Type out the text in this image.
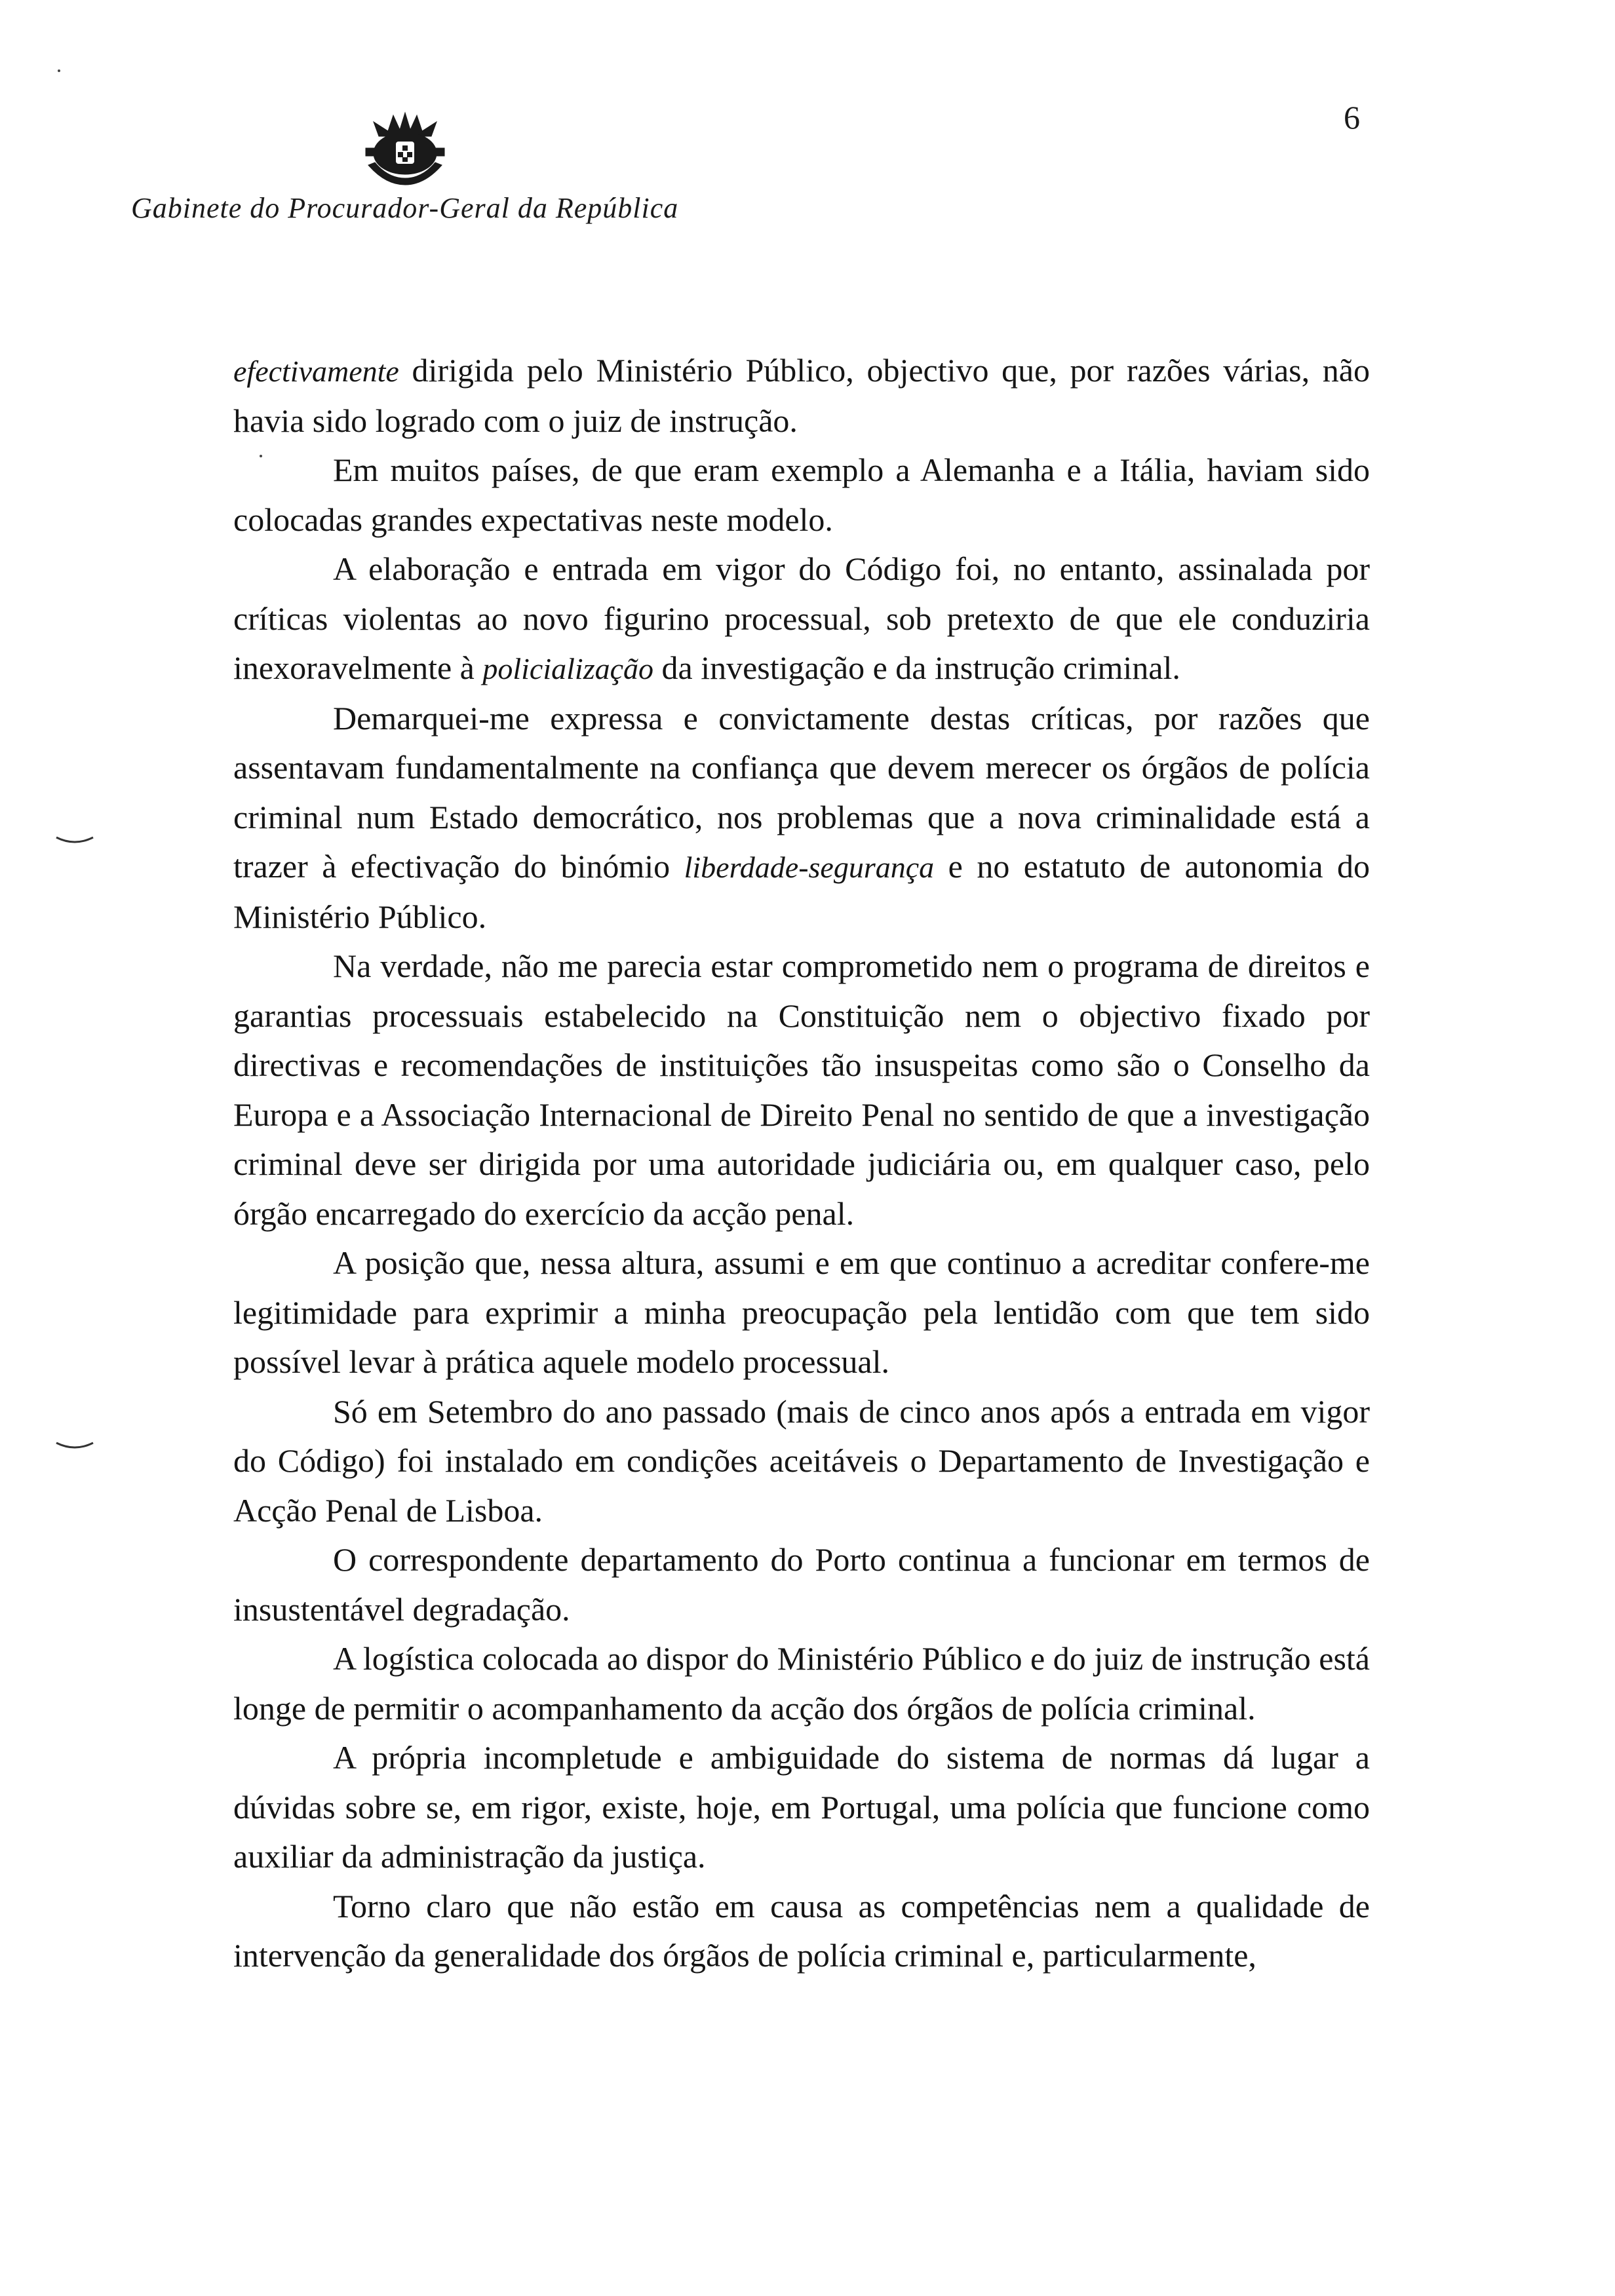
Gabinete do Procurador-Geral da República
6

efectivamente dirigida pelo Ministério Público, objectivo que, por razões várias, não havia sido logrado com o juiz de instrução.

Em muitos países, de que eram exemplo a Alemanha e a Itália, haviam sido colocadas grandes expectativas neste modelo.

A elaboração e entrada em vigor do Código foi, no entanto, assinalada por críticas violentas ao novo figurino processual, sob pretexto de que ele conduziria inexoravelmente à policialização da investigação e da instrução criminal.

Demarquei-me expressa e convictamente destas críticas, por razões que assentavam fundamentalmente na confiança que devem merecer os órgãos de polícia criminal num Estado democrático, nos problemas que a nova criminalidade está a trazer à efectivação do binómio liberdade-segurança e no estatuto de autonomia do Ministério Público.

Na verdade, não me parecia estar comprometido nem o programa de direitos e garantias processuais estabelecido na Constituição nem o objectivo fixado por directivas e recomendações de instituições tão insuspeitas como são o Conselho da Europa e a Associação Internacional de Direito Penal no sentido de que a investigação criminal deve ser dirigida por uma autoridade judiciária ou, em qualquer caso, pelo órgão encarregado do exercício da acção penal.

A posição que, nessa altura, assumi e em que continuo a acreditar confere-me legitimidade para exprimir a minha preocupação pela lentidão com que tem sido possível levar à prática aquele modelo processual.

Só em Setembro do ano passado (mais de cinco anos após a entrada em vigor do Código) foi instalado em condições aceitáveis o Departamento de Investigação e Acção Penal de Lisboa.

O correspondente departamento do Porto continua a funcionar em termos de insustentável degradação.

A logística colocada ao dispor do Ministério Público e do juiz de instrução está longe de permitir o acompanhamento da acção dos órgãos de polícia criminal.

A própria incompletude e ambiguidade do sistema de normas dá lugar a dúvidas sobre se, em rigor, existe, hoje, em Portugal, uma polícia que funcione como auxiliar da administração da justiça.

Torno claro que não estão em causa as competências nem a qualidade de intervenção da generalidade dos órgãos de polícia criminal e, particularmente,
